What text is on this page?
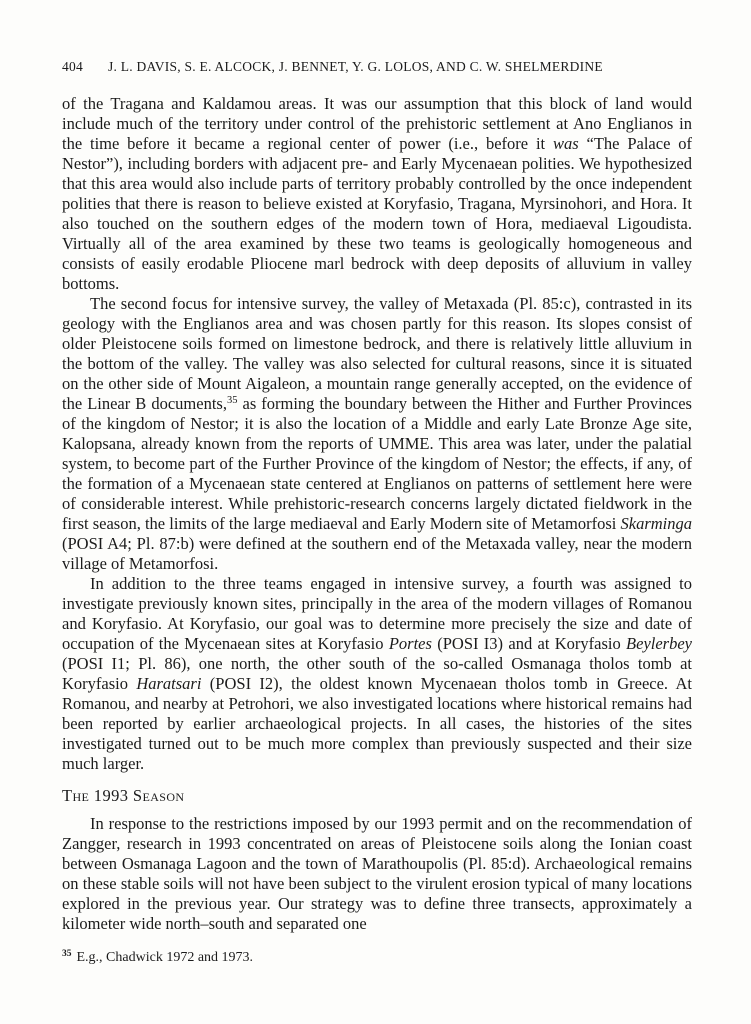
404 J. L. DAVIS, S. E. ALCOCK, J. BENNET, Y. G. LOLOS, AND C. W. SHELMERDINE

of the Tragana and Kaldamou areas. It was our assumption that this block of land would include much of the territory under control of the prehistoric settlement at Ano Englianos in the time before it became a regional center of power (i.e., before it was “The Palace of Nestor”), including borders with adjacent pre- and Early Mycenaean polities. We hypothesized that this area would also include parts of territory probably controlled by the once independent polities that there is reason to believe existed at Koryfasio, Tragana, Myrsinohori, and Hora. It also touched on the southern edges of the modern town of Hora, mediaeval Ligoudista. Virtually all of the area examined by these two teams is geologically homogeneous and consists of easily erodable Pliocene marl bedrock with deep deposits of alluvium in valley bottoms.

The second focus for intensive survey, the valley of Metaxada (Pl. 85:c), contrasted in its geology with the Englianos area and was chosen partly for this reason. Its slopes consist of older Pleistocene soils formed on limestone bedrock, and there is relatively little alluvium in the bottom of the valley. The valley was also selected for cultural reasons, since it is situated on the other side of Mount Aigaleon, a mountain range generally accepted, on the evidence of the Linear B documents,$^{35}$ as forming the boundary between the Hither and Further Provinces of the kingdom of Nestor; it is also the location of a Middle and early Late Bronze Age site, Kalopsana, already known from the reports of UMME. This area was later, under the palatial system, to become part of the Further Province of the kingdom of Nestor; the effects, if any, of the formation of a Mycenaean state centered at Englianos on patterns of settlement here were of considerable interest. While prehistoric-research concerns largely dictated fieldwork in the first season, the limits of the large mediaeval and Early Modern site of Metamorfosi Skarminga (POSI A4; Pl. 87:b) were defined at the southern end of the Metaxada valley, near the modern village of Metamorfosi.

In addition to the three teams engaged in intensive survey, a fourth was assigned to investigate previously known sites, principally in the area of the modern villages of Romanou and Koryfasio. At Koryfasio, our goal was to determine more precisely the size and date of occupation of the Mycenaean sites at Koryfasio Portes (POSI I3) and at Koryfasio Beylerbey (POSI I1; Pl. 86), one north, the other south of the so-called Osmanaga tholos tomb at Koryfasio Haratsari (POSI I2), the oldest known Mycenaean tholos tomb in Greece. At Romanou, and nearby at Petrohori, we also investigated locations where historical remains had been reported by earlier archaeological projects. In all cases, the histories of the sites investigated turned out to be much more complex than previously suspected and their size much larger.

The 1993 Season

In response to the restrictions imposed by our 1993 permit and on the recommendation of Zangger, research in 1993 concentrated on areas of Pleistocene soils along the Ionian coast between Osmanaga Lagoon and the town of Marathoupolis (Pl. 85:d). Archaeological remains on these stable soils will not have been subject to the virulent erosion typical of many locations explored in the previous year. Our strategy was to define three transects, approximately a kilometer wide north–south and separated one

$^{35}$ E.g., Chadwick 1972 and 1973.
